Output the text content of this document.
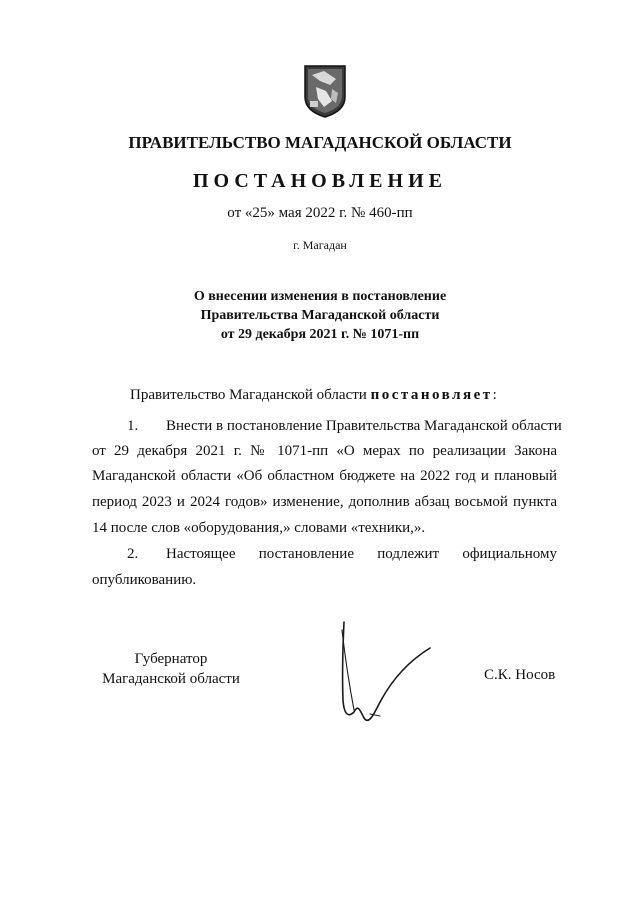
ПРАВИТЕЛЬСТВО МАГАДАНСКОЙ ОБЛАСТИ
ПОСТАНОВЛЕНИЕ
от «25» мая 2022 г. № 460-пп
г. Магадан
О внесении изменения в постановление
Правительства Магаданской области
от 29 декабря 2021 г. № 1071-пп
Правительство Магаданской области постановляет:
1. Внести в постановление Правительства Магаданской области
от 29 декабря 2021 г. № 1071-пп «О мерах по реализации Закона
Магаданской области «Об областном бюджете на 2022 год и плановый
период 2023 и 2024 годов» изменение, дополнив абзац восьмой пункта
14 после слов «оборудования,» словами «техники,».
2. Настоящее постановление подлежит официальному
опубликованию.
Губернатор
Магаданской области	С.К. Носов
